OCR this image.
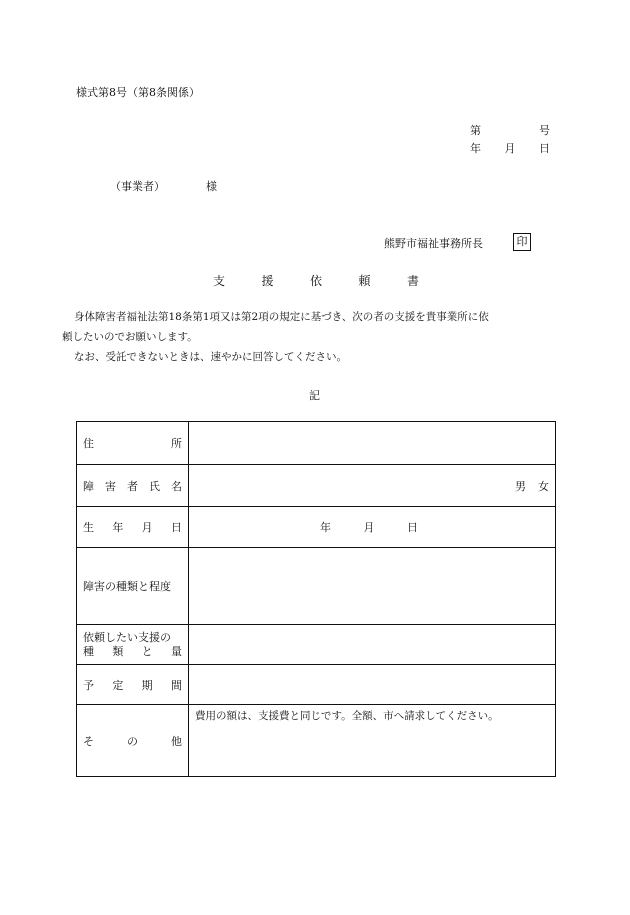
様式第8号（第8条関係）
第	号
年 月 日
（事業者）	様
熊野市福祉事務所長	印
支	援	依	頼	書
身体障害者福祉法第18条第1項又は第2項の規定に基づき、次の者の支援を貴事業所に依
頼したいのでお願いします。
なお、受託できないときは、速やかに回答してください。
記
住 所	

障 害 者 氏 名	男 女

生 年 月 日	年 月 日

障害の種類と程度	

依頼したい支援の
種 類 と 量	

予 定 期 間	

そ の 他	費用の額は、支援費と同じです。全額、市へ請求してください。
